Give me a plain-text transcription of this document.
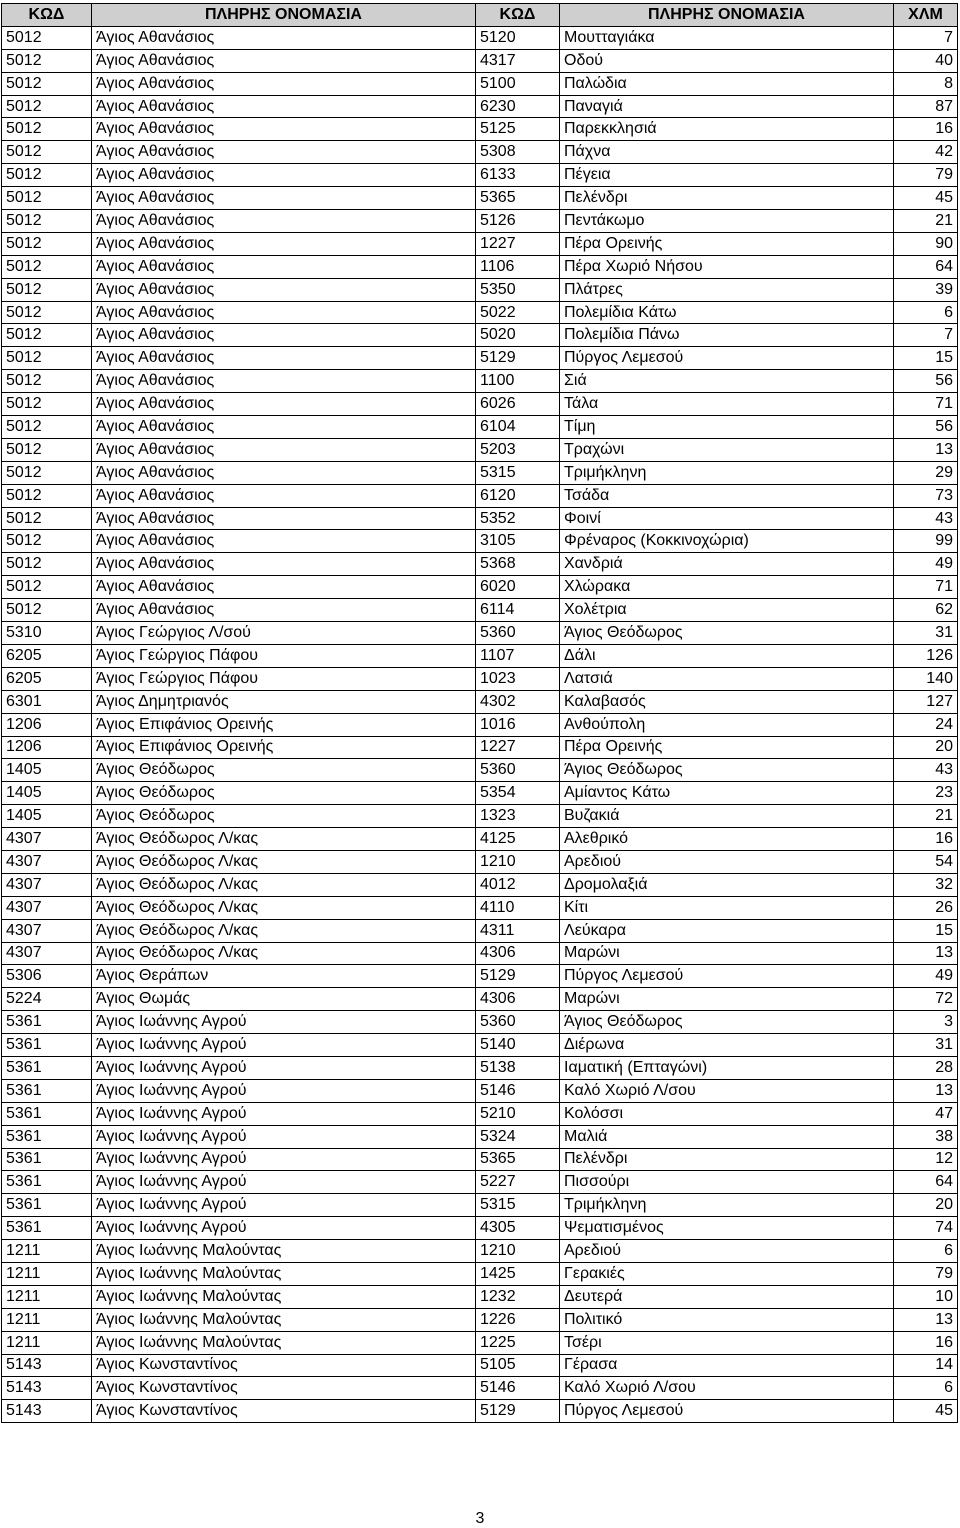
ΚΩΔ	ΠΛΗΡΗΣ ΟΝΟΜΑΣΙΑ	ΚΩΔ	ΠΛΗΡΗΣ ΟΝΟΜΑΣΙΑ	ΧΛΜ
5012	Άγιος Αθανάσιος	5120	Μουτταγιάκα	7
5012	Άγιος Αθανάσιος	4317	Οδού	40
5012	Άγιος Αθανάσιος	5100	Παλώδια	8
5012	Άγιος Αθανάσιος	6230	Παναγιά	87
5012	Άγιος Αθανάσιος	5125	Παρεκκλησιά	16
5012	Άγιος Αθανάσιος	5308	Πάχνα	42
5012	Άγιος Αθανάσιος	6133	Πέγεια	79
5012	Άγιος Αθανάσιος	5365	Πελένδρι	45
5012	Άγιος Αθανάσιος	5126	Πεντάκωμο	21
5012	Άγιος Αθανάσιος	1227	Πέρα Ορεινής	90
5012	Άγιος Αθανάσιος	1106	Πέρα Χωριό Νήσου	64
5012	Άγιος Αθανάσιος	5350	Πλάτρες	39
5012	Άγιος Αθανάσιος	5022	Πολεμίδια Κάτω	6
5012	Άγιος Αθανάσιος	5020	Πολεμίδια Πάνω	7
5012	Άγιος Αθανάσιος	5129	Πύργος Λεμεσού	15
5012	Άγιος Αθανάσιος	1100	Σιά	56
5012	Άγιος Αθανάσιος	6026	Τάλα	71
5012	Άγιος Αθανάσιος	6104	Τίμη	56
5012	Άγιος Αθανάσιος	5203	Τραχώνι	13
5012	Άγιος Αθανάσιος	5315	Τριμήκληνη	29
5012	Άγιος Αθανάσιος	6120	Τσάδα	73
5012	Άγιος Αθανάσιος	5352	Φοινί	43
5012	Άγιος Αθανάσιος	3105	Φρέναρος (Κοκκινοχώρια)	99
5012	Άγιος Αθανάσιος	5368	Χανδριά	49
5012	Άγιος Αθανάσιος	6020	Χλώρακα	71
5012	Άγιος Αθανάσιος	6114	Χολέτρια	62
5310	Άγιος Γεώργιος Λ/σού	5360	Άγιος Θεόδωρος	31
6205	Άγιος Γεώργιος Πάφου	1107	Δάλι	126
6205	Άγιος Γεώργιος Πάφου	1023	Λατσιά	140
6301	Άγιος Δημητριανός	4302	Καλαβασός	127
1206	Άγιος Επιφάνιος Ορεινής	1016	Ανθούπολη	24
1206	Άγιος Επιφάνιος Ορεινής	1227	Πέρα Ορεινής	20
1405	Άγιος Θεόδωρος	5360	Άγιος Θεόδωρος	43
1405	Άγιος Θεόδωρος	5354	Αμίαντος Κάτω	23
1405	Άγιος Θεόδωρος	1323	Βυζακιά	21
4307	Άγιος Θεόδωρος Λ/κας	4125	Αλεθρικό	16
4307	Άγιος Θεόδωρος Λ/κας	1210	Αρεδιού	54
4307	Άγιος Θεόδωρος Λ/κας	4012	Δρομολαξιά	32
4307	Άγιος Θεόδωρος Λ/κας	4110	Κίτι	26
4307	Άγιος Θεόδωρος Λ/κας	4311	Λεύκαρα	15
4307	Άγιος Θεόδωρος Λ/κας	4306	Μαρώνι	13
5306	Άγιος Θεράπων	5129	Πύργος Λεμεσού	49
5224	Άγιος Θωμάς	4306	Μαρώνι	72
5361	Άγιος Ιωάννης Αγρού	5360	Άγιος Θεόδωρος	3
5361	Άγιος Ιωάννης Αγρού	5140	Διέρωνα	31
5361	Άγιος Ιωάννης Αγρού	5138	Ιαματική (Επταγώνι)	28
5361	Άγιος Ιωάννης Αγρού	5146	Καλό Χωριό Λ/σου	13
5361	Άγιος Ιωάννης Αγρού	5210	Κολόσσι	47
5361	Άγιος Ιωάννης Αγρού	5324	Μαλιά	38
5361	Άγιος Ιωάννης Αγρού	5365	Πελένδρι	12
5361	Άγιος Ιωάννης Αγρού	5227	Πισσούρι	64
5361	Άγιος Ιωάννης Αγρού	5315	Τριμήκληνη	20
5361	Άγιος Ιωάννης Αγρού	4305	Ψεματισμένος	74
1211	Άγιος Ιωάννης Μαλούντας	1210	Αρεδιού	6
1211	Άγιος Ιωάννης Μαλούντας	1425	Γερακιές	79
1211	Άγιος Ιωάννης Μαλούντας	1232	Δευτερά	10
1211	Άγιος Ιωάννης Μαλούντας	1226	Πολιτικό	13
1211	Άγιος Ιωάννης Μαλούντας	1225	Τσέρι	16
5143	Άγιος Κωνσταντίνος	5105	Γέρασα	14
5143	Άγιος Κωνσταντίνος	5146	Καλό Χωριό Λ/σου	6
5143	Άγιος Κωνσταντίνος	5129	Πύργος Λεμεσού	45
3
